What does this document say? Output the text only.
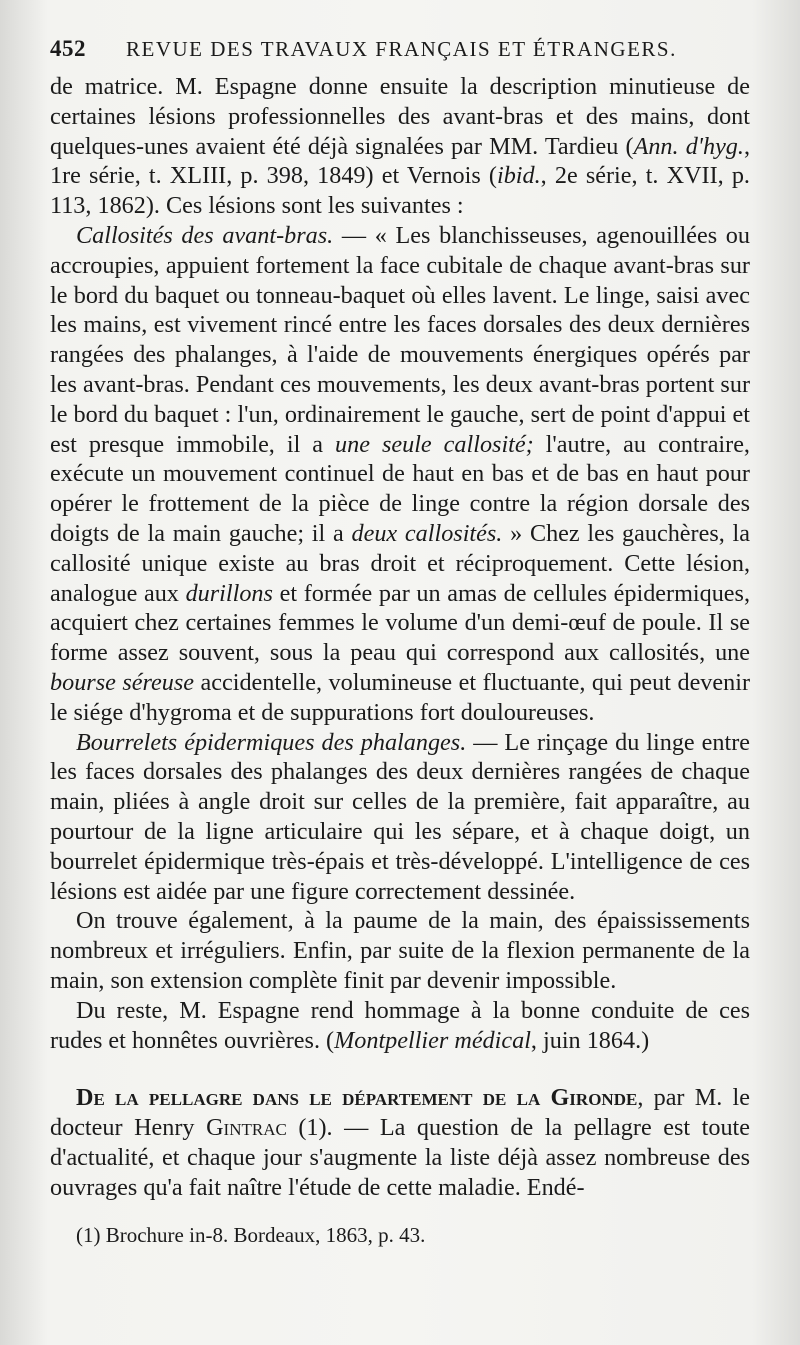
452 REVUE DES TRAVAUX FRANÇAIS ET ÉTRANGERS.

de matrice. M. Espagne donne ensuite la description minutieuse de certaines lésions professionnelles des avant-bras et des mains, dont quelques-unes avaient été déjà signalées par MM. Tardieu (Ann. d'hyg., 1re série, t. XLIII, p. 398, 1849) et Vernois (ibid., 2e série, t. XVII, p. 113, 1862). Ces lésions sont les suivantes :

Callosités des avant-bras. — « Les blanchisseuses, agenouillées ou accroupies, appuient fortement la face cubitale de chaque avant-bras sur le bord du baquet ou tonneau-baquet où elles lavent. Le linge, saisi avec les mains, est vivement rincé entre les faces dorsales des deux dernières rangées des phalanges, à l'aide de mouvements énergiques opérés par les avant-bras. Pendant ces mouvements, les deux avant-bras portent sur le bord du baquet : l'un, ordinairement le gauche, sert de point d'appui et est presque immobile, il a une seule callosité; l'autre, au contraire, exécute un mouvement continuel de haut en bas et de bas en haut pour opérer le frottement de la pièce de linge contre la région dorsale des doigts de la main gauche; il a deux callosités. » Chez les gauchères, la callosité unique existe au bras droit et réciproquement. Cette lésion, analogue aux durillons et formée par un amas de cellules épidermiques, acquiert chez certaines femmes le volume d'un demi-œuf de poule. Il se forme assez souvent, sous la peau qui correspond aux callosités, une bourse séreuse accidentelle, volumineuse et fluctuante, qui peut devenir le siége d'hygroma et de suppurations fort douloureuses.

Bourrelets épidermiques des phalanges. — Le rinçage du linge entre les faces dorsales des phalanges des deux dernières rangées de chaque main, pliées à angle droit sur celles de la première, fait apparaître, au pourtour de la ligne articulaire qui les sépare, et à chaque doigt, un bourrelet épidermique très-épais et très-développé. L'intelligence de ces lésions est aidée par une figure correctement dessinée.

On trouve également, à la paume de la main, des épaississements nombreux et irréguliers. Enfin, par suite de la flexion permanente de la main, son extension complète finit par devenir impossible.

Du reste, M. Espagne rend hommage à la bonne conduite de ces rudes et honnêtes ouvrières. (Montpellier médical, juin 1864.)

De la pellagre dans le département de la Gironde, par M. le docteur Henry Gintrac (1). — La question de la pellagre est toute d'actualité, et chaque jour s'augmente la liste déjà assez nombreuse des ouvrages qu'a fait naître l'étude de cette maladie. Endé-

(1) Brochure in-8. Bordeaux, 1863, p. 43.
